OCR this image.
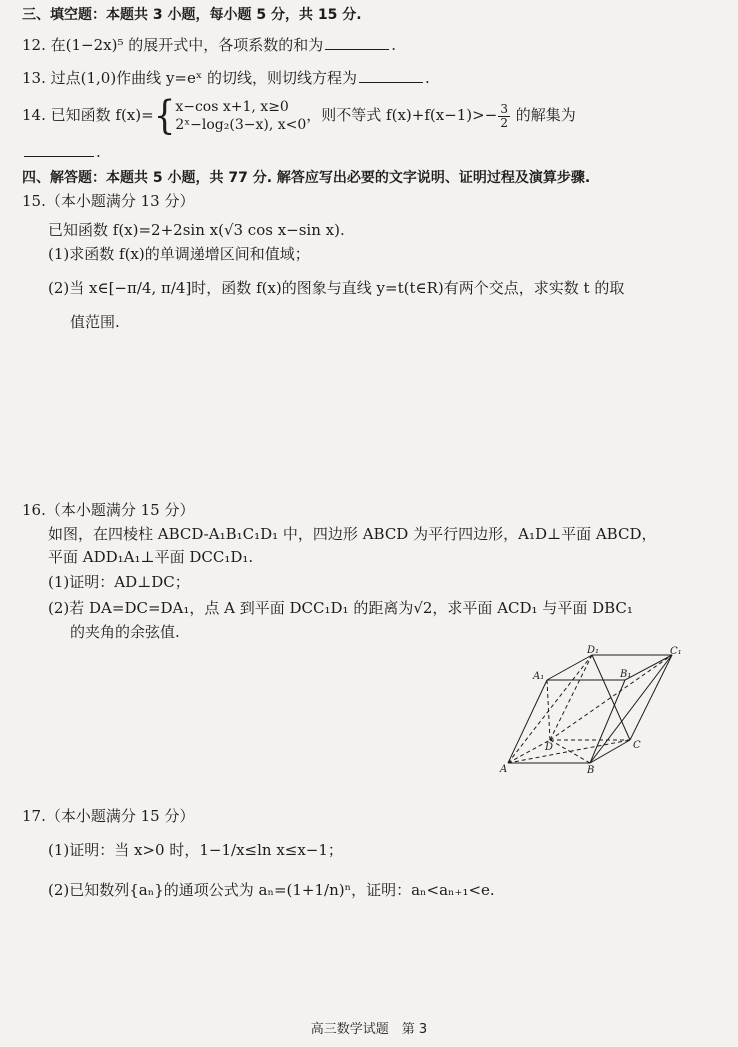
三、填空题：本题共 3 小题，每小题 5 分，共 15 分.
12. 在(1−2x)⁵ 的展开式中，各项系数的和为	.
13. 过点(1,0)作曲线 y=eˣ 的切线，则切线方程为	.
14. 已知函数 f(x)={x−cos x+1, x≥0
2ˣ−log₂(3−x), x<0，则不等式 $f(x)+f(x-1)>- \frac{3}{2}$ 的解集为
.
四、解答题：本题共 5 小题，共 77 分. 解答应写出必要的文字说明、证明过程及演算步骤.
15.（本小题满分 13 分）
已知函数 f(x)=2+2sin x(√3 cos x−sin x).
(1)求函数 f(x)的单调递增区间和值域；
(2)当 x∈[−π/4, π/4]时，函数 f(x)的图象与直线 y=t(t∈R)有两个交点，求实数 t 的取
值范围.
16.（本小题满分 15 分）
如图，在四棱柱 ABCD-A₁B₁C₁D₁ 中，四边形 ABCD 为平行四边形，A₁D⊥平面 ABCD，
平面 ADD₁A₁⊥平面 DCC₁D₁.
(1)证明：AD⊥DC；
(2)若 DA=DC=DA₁，点 A 到平面 DCC₁D₁ 的距离为√2，求平面 ACD₁ 与平面 DBC₁
的夹角的余弦值.
D₁	C₁
A₁	B₁
D	C
A	B
17.（本小题满分 15 分）
(1)证明：当 x>0 时，1−1/x≤ln x≤x−1；
(2)已知数列{aₙ}的通项公式为 aₙ=(1+1/n)ⁿ，证明：aₙ<aₙ₊₁<e.
高三数学试题　第 3
